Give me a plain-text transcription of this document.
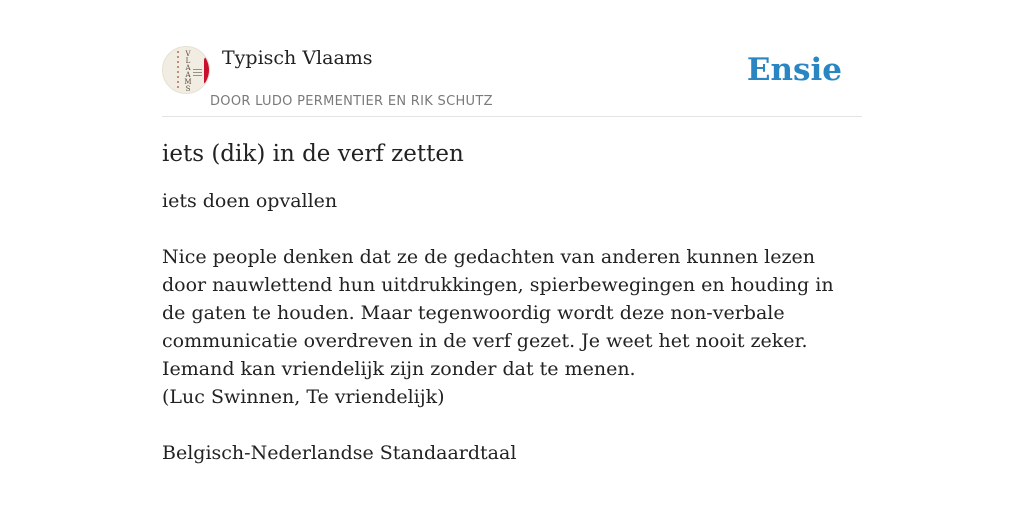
V
L
A
A
M
S
Typisch Vlaams
DOOR LUDO PERMENTIER EN RIK SCHUTZ
Ensie
iets (dik) in de verf zetten
iets doen opvallen
Nice people denken dat ze de gedachten van anderen kunnen lezen door nauwlettend hun uitdrukkingen, spierbewegingen en houding in de gaten te houden. Maar tegenwoordig wordt deze non-verbale communicatie overdreven in de verf gezet. Je weet het nooit zeker. Iemand kan vriendelijk zijn zonder dat te menen.
(Luc Swinnen, Te vriendelijk)
Belgisch-Nederlandse Standaardtaal
